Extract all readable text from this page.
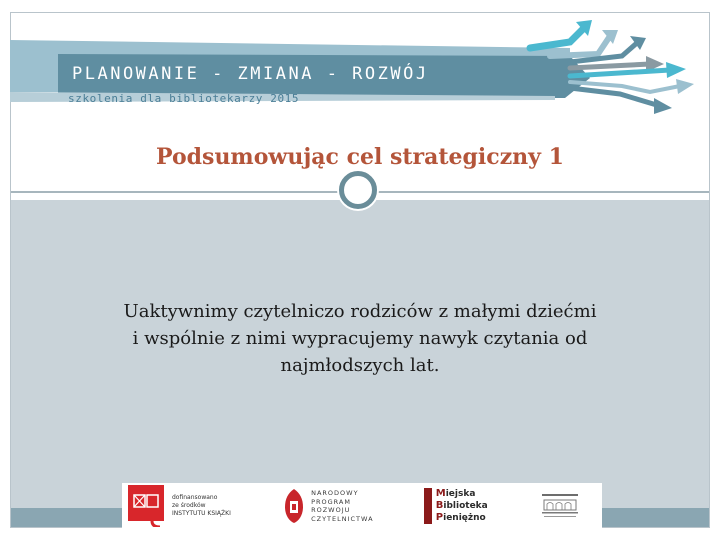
PLANOWANIE - ZMIANA - ROZWÓJ
szkolenia dla bibliotekarzy 2015
Podsumowując cel strategiczny 1
Uaktywnimy czytelniczo rodziców z małymi dziećmi
i wspólnie z nimi wypracujemy nawyk czytania od
najmłodszych lat.
dofinansowano
ze środków
INSTYTUTU KSIĄŻKI
NARODOWY
PROGRAM
ROZWOJU
CZYTELNICTWA
Miejska
Biblioteka
Pieniężno
